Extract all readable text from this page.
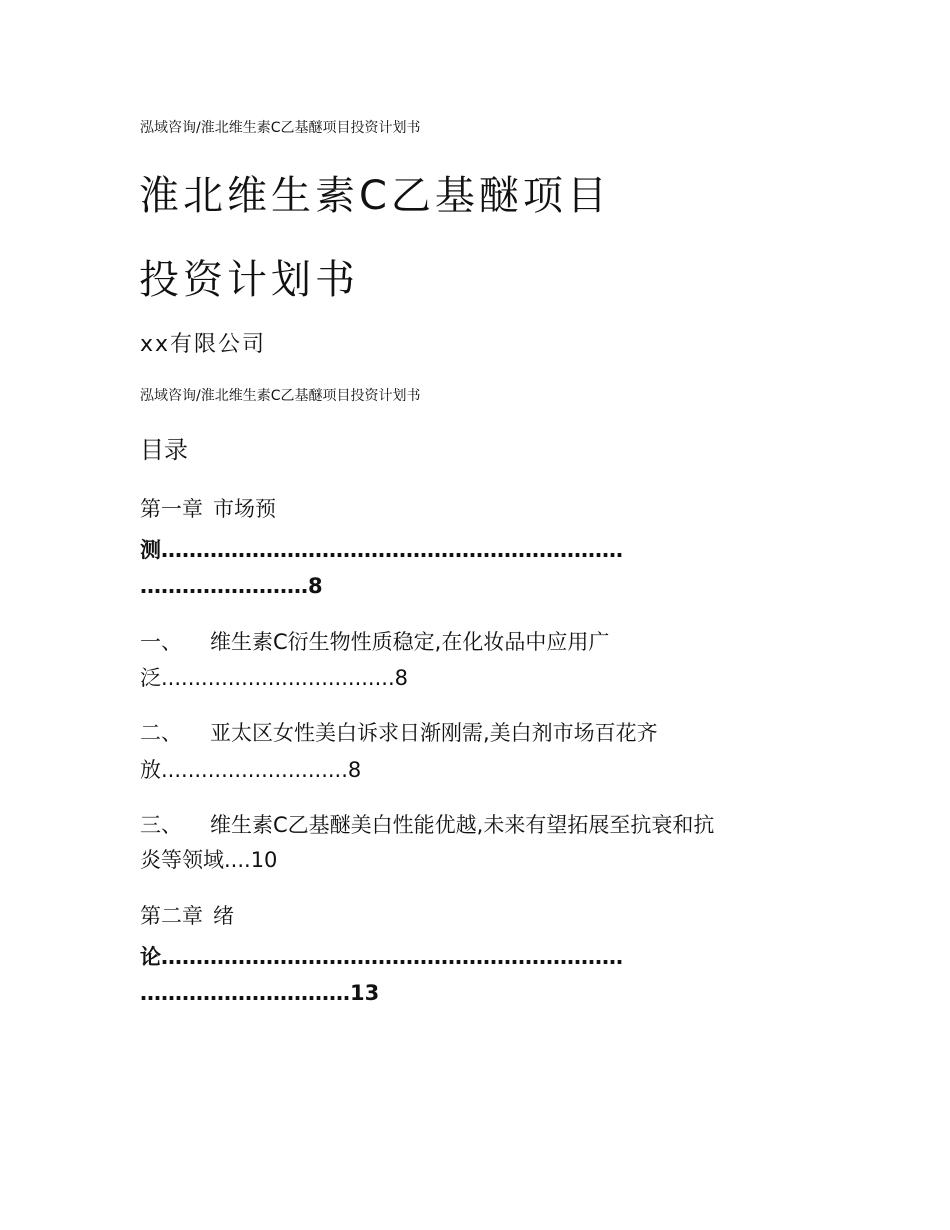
泓域咨询/淮北维生素C乙基醚项目投资计划书
淮北维生素C乙基醚项目
投资计划书
xx有限公司
泓域咨询/淮北维生素C乙基醚项目投资计划书
目录
第一章 市场预
测…………………………………………………………
……………………8
一、 维生素C衍生物性质稳定,在化妆品中应用广
泛...................................8
二、 亚太区女性美白诉求日渐刚需,美白剂市场百花齐
放............................8
三、 维生素C乙基醚美白性能优越,未来有望拓展至抗衰和抗
炎等领域....10
第二章 绪
论…………………………………………………………
…………………………13
